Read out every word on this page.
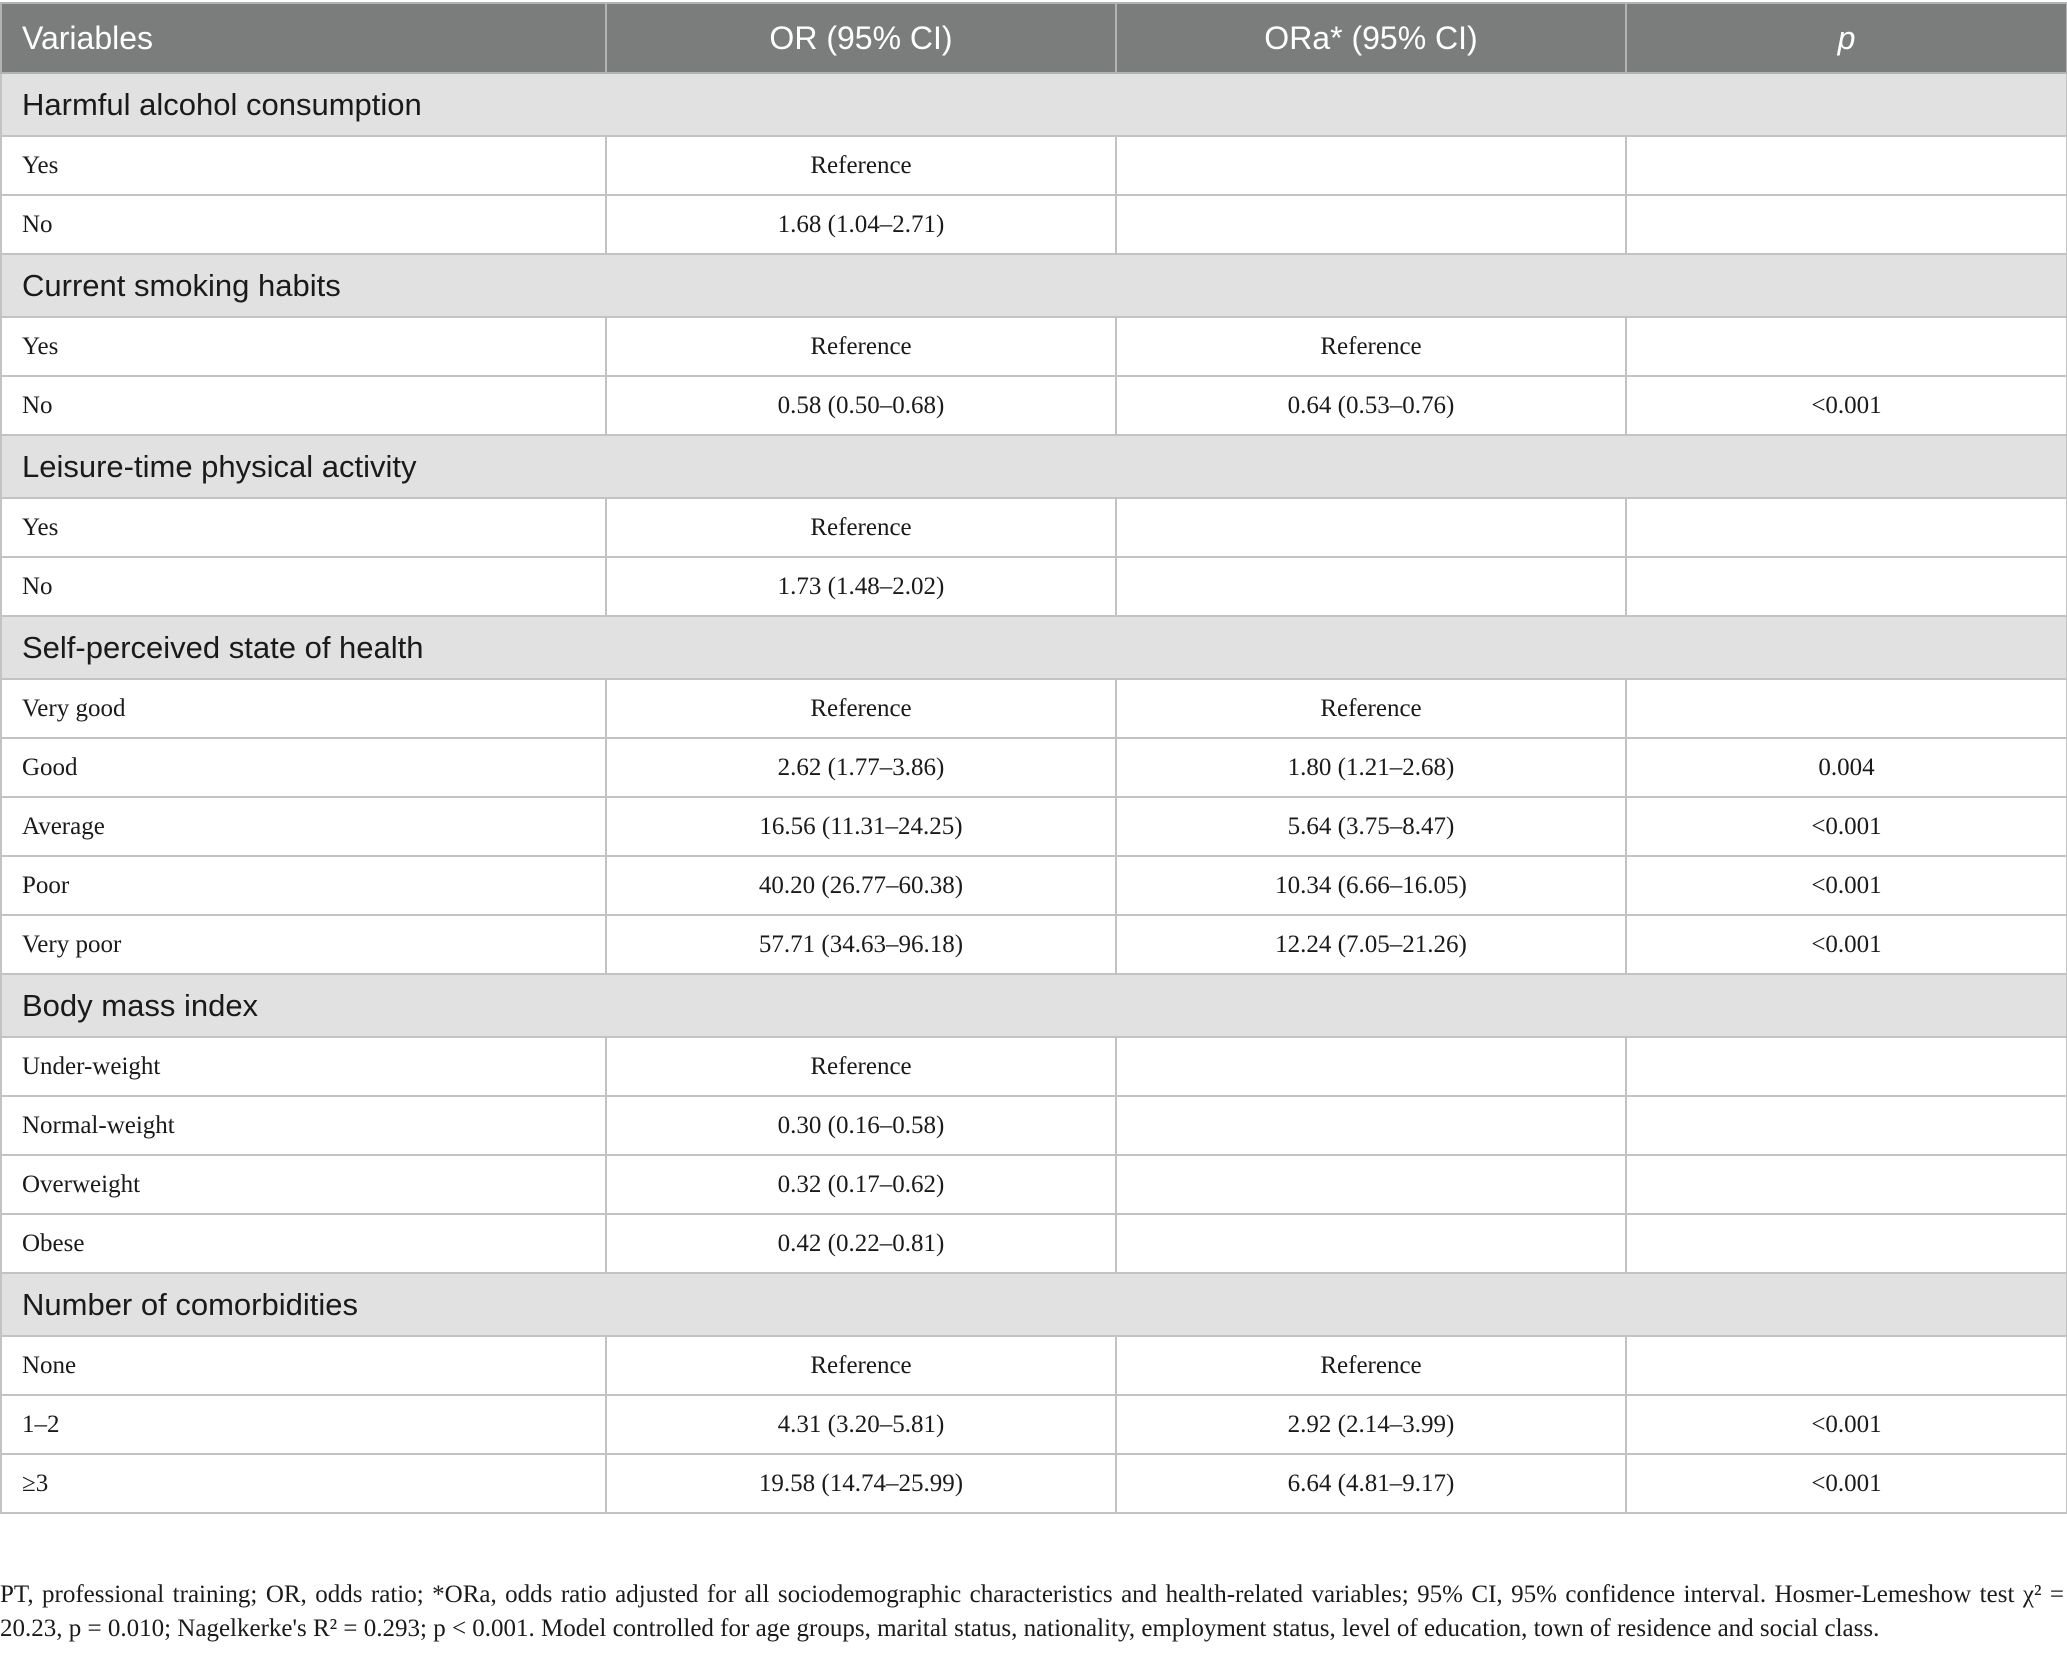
Variables	OR (95% CI)	ORa* (95% CI)	p
Harmful alcohol consumption			
Yes	Reference		
No	1.68 (1.04–2.71)		
Current smoking habits			
Yes	Reference	Reference	
No	0.58 (0.50–0.68)	0.64 (0.53–0.76)	<0.001
Leisure-time physical activity			
Yes	Reference		
No	1.73 (1.48–2.02)		
Self-perceived state of health			
Very good	Reference	Reference	
Good	2.62 (1.77–3.86)	1.80 (1.21–2.68)	0.004
Average	16.56 (11.31–24.25)	5.64 (3.75–8.47)	<0.001
Poor	40.20 (26.77–60.38)	10.34 (6.66–16.05)	<0.001
Very poor	57.71 (34.63–96.18)	12.24 (7.05–21.26)	<0.001
Body mass index			
Under-weight	Reference		
Normal-weight	0.30 (0.16–0.58)		
Overweight	0.32 (0.17–0.62)		
Obese	0.42 (0.22–0.81)		
Number of comorbidities			
None	Reference	Reference	
1–2	4.31 (3.20–5.81)	2.92 (2.14–3.99)	<0.001
≥3	19.58 (14.74–25.99)	6.64 (4.81–9.17)	<0.001

PT, professional training; OR, odds ratio; *ORa, odds ratio adjusted for all sociodemographic characteristics and health-related variables; 95% CI, 95% confidence interval. Hosmer-Lemeshow test χ² = 20.23, p = 0.010; Nagelkerke's R² = 0.293; p < 0.001. Model controlled for age groups, marital status, nationality, employment status, level of education, town of residence and social class.
